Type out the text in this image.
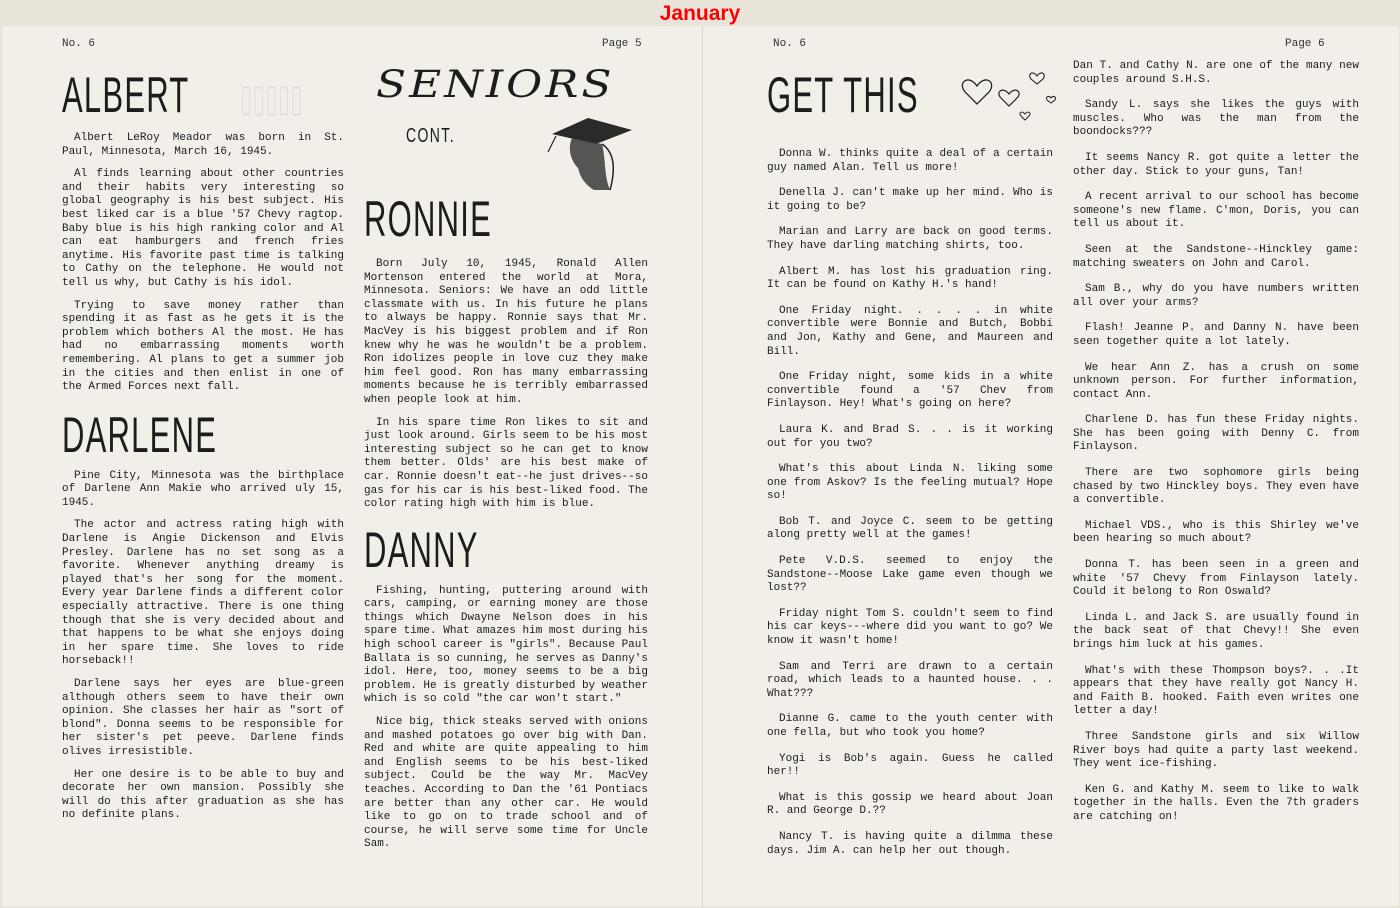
January
▯▯▯▯▯
No. 6	Page 5
ALBERT

Albert LeRoy Meador was born in St. Paul, Minnesota, March 16, 1945.

Al finds learning about other countries and their habits very interesting so global geography is his best subject. His best liked car is a blue '57 Chevy ragtop. Baby blue is his high ranking color and Al can eat hamburgers and french fries anytime. His favorite past time is talking to Cathy on the telephone. He would not tell us why, but Cathy is his idol.

Trying to save money rather than spending it as fast as he gets it is the problem which bothers Al the most. He has had no embarrassing moments worth remembering. Al plans to get a summer job in the cities and then enlist in one of the Armed Forces next fall.

DARLENE

Pine City, Minnesota was the birthplace of Darlene Ann Makie who arrived uly 15, 1945.

The actor and actress rating high with Darlene is Angie Dickenson and Elvis Presley. Darlene has no set song as a favorite. Whenever anything dreamy is played that's her song for the moment. Every year Darlene finds a different color especially attractive. There is one thing though that she is very decided about and that happens to be what she enjoys doing in her spare time. She loves to ride horseback!!

Darlene says her eyes are blue-green although others seem to have their own opinion. She classes her hair as "sort of blond". Donna seems to be responsible for her sister's pet peeve. Darlene finds olives irresistible.

Her one desire is to be able to buy and decorate her own mansion. Possibly she will do this after graduation as she has no definite plans.

SENIORS
CONT.
RONNIE

Born July 10, 1945, Ronald Allen Mortenson entered the world at Mora, Minnesota. Seniors: We have an odd little classmate with us. In his future he plans to always be happy. Ronnie says that Mr. MacVey is his biggest problem and if Ron knew why he was he wouldn't be a problem. Ron idolizes people in love cuz they make him feel good. Ron has many embarrassing moments because he is terribly embarrassed when people look at him.

In his spare time Ron likes to sit and just look around. Girls seem to be his most interesting subject so he can get to know them better. Olds' are his best make of car. Ronnie doesn't eat--he just drives--so gas for his car is his best-liked food. The color rating high with him is blue.

DANNY

Fishing, hunting, puttering around with cars, camping, or earning money are those things which Dwayne Nelson does in his spare time. What amazes him most during his high school career is "girls". Because Paul Ballata is so cunning, he serves as Danny's idol. Here, too, money seems to be a big problem. He is greatly disturbed by weather which is so cold "the car won't start."

Nice big, thick steaks served with onions and mashed potatoes go over big with Dan. Red and white are quite appealing to him and English seems to be his best-liked subject. Could be the way Mr. MacVey teaches. According to Dan the '61 Pontiacs are better than any other car. He would like to go on to trade school and of course, he will serve some time for Uncle Sam.

No. 6	Page 6
GET THIS

Donna W. thinks quite a deal of a certain guy named Alan. Tell us more!

Denella J. can't make up her mind. Who is it going to be?

Marian and Larry are back on good terms. They have darling matching shirts, too.

Albert M. has lost his graduation ring. It can be found on Kathy H.'s hand!

One Friday night. . . . . in white convertible were Bonnie and Butch, Bobbi and Jon, Kathy and Gene, and Maureen and Bill.

One Friday night, some kids in a white convertible found a '57 Chev from Finlayson. Hey! What's going on here?

Laura K. and Brad S. . . is it working out for you two?

What's this about Linda N. liking some one from Askov? Is the feeling mutual? Hope so!

Bob T. and Joyce C. seem to be getting along pretty well at the games!

Pete V.D.S. seemed to enjoy the Sandstone--Moose Lake game even though we lost??

Friday night Tom S. couldn't seem to find his car keys---where did you want to go? We know it wasn't home!

Sam and Terri are drawn to a certain road, which leads to a haunted house. . . What???

Dianne G. came to the youth center with one fella, but who took you home?

Yogi is Bob's again. Guess he called her!!

What is this gossip we heard about Joan R. and George D.??

Nancy T. is having quite a dilmma these days. Jim A. can help her out though.

Dan T. and Cathy N. are one of the many new couples around S.H.S.

Sandy L. says she likes the guys with muscles. Who was the man from the boondocks???

It seems Nancy R. got quite a letter the other day. Stick to your guns, Tan!

A recent arrival to our school has become someone's new flame. C'mon, Doris, you can tell us about it.

Seen at the Sandstone--Hinckley game: matching sweaters on John and Carol.

Sam B., why do you have numbers written all over your arms?

Flash! Jeanne P. and Danny N. have been seen together quite a lot lately.

We hear Ann Z. has a crush on some unknown person. For further information, contact Ann.

Charlene D. has fun these Friday nights. She has been going with Denny C. from Finlayson.

There are two sophomore girls being chased by two Hinckley boys. They even have a convertible.

Michael VDS., who is this Shirley we've been hearing so much about?

Donna T. has been seen in a green and white '57 Chevy from Finlayson lately. Could it belong to Ron Oswald?

Linda L. and Jack S. are usually found in the back seat of that Chevy!! She even brings him luck at his games.

What's with these Thompson boys?. . .It appears that they have really got Nancy H. and Faith B. hooked. Faith even writes one letter a day!

Three Sandstone girls and six Willow River boys had quite a party last weekend. They went ice-fishing.

Ken G. and Kathy M. seem to like to walk together in the halls. Even the 7th graders are catching on!
